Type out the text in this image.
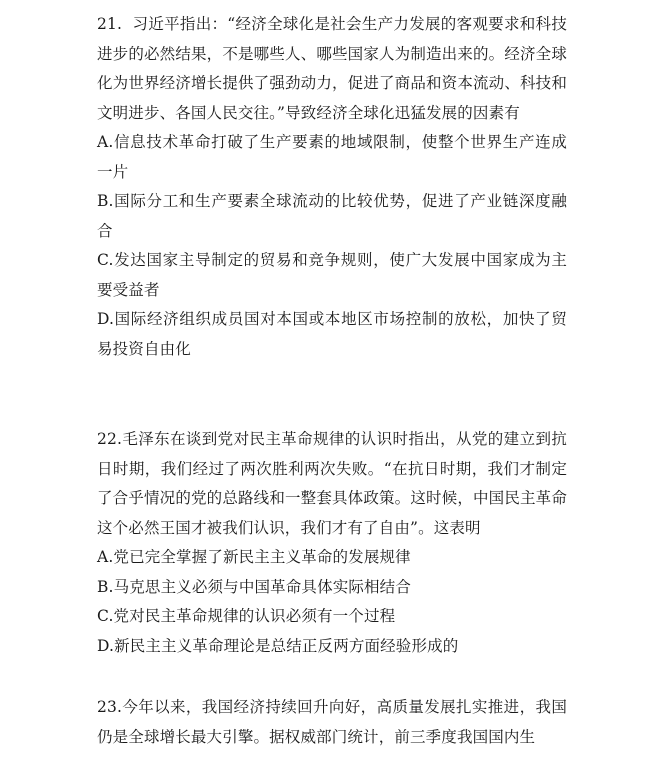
21. 习近平指出：“经济全球化是社会生产力发展的客观要求和科技进步的必然结果，不是哪些人、哪些国家人为制造出来的。经济全球化为世界经济增长提供了强劲动力，促进了商品和资本流动、科技和文明进步、各国人民交往。”导致经济全球化迅猛发展的因素有

A.信息技术革命打破了生产要素的地域限制，使整个世界生产连成一片

B.国际分工和生产要素全球流动的比较优势，促进了产业链深度融合

C.发达国家主导制定的贸易和竞争规则，使广大发展中国家成为主要受益者

D.国际经济组织成员国对本国或本地区市场控制的放松，加快了贸易投资自由化

22.毛泽东在谈到党对民主革命规律的认识时指出，从党的建立到抗日时期，我们经过了两次胜利两次失败。“在抗日时期，我们才制定了合乎情况的党的总路线和一整套具体政策。这时候，中国民主革命这个必然王国才被我们认识，我们才有了自由”。这表明

A.党已完全掌握了新民主主义革命的发展规律

B.马克思主义必须与中国革命具体实际相结合

C.党对民主革命规律的认识必须有一个过程

D.新民主主义革命理论是总结正反两方面经验形成的

23.今年以来，我国经济持续回升向好，高质量发展扎实推进，我国仍是全球增长最大引擎。据权威部门统计，前三季度我国国内生
